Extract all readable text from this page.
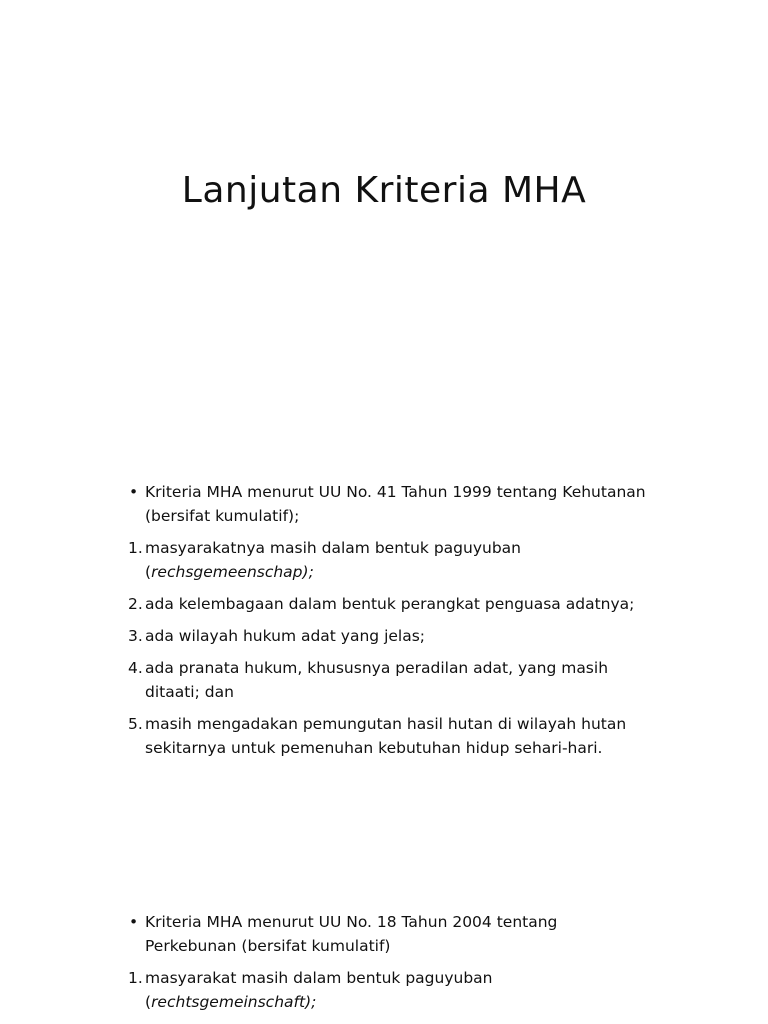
Lanjutan Kriteria MHA

• Kriteria MHA menurut UU No. 41 Tahun 1999 tentang Kehutanan (bersifat kumulatif);

1. masyarakatnya masih dalam bentuk paguyuban (rechsgemeenschap);

2. ada kelembagaan dalam bentuk perangkat penguasa adatnya;

3. ada wilayah hukum adat yang jelas;

4. ada pranata hukum, khususnya peradilan adat, yang masih ditaati; dan

5. masih mengadakan pemungutan hasil hutan di wilayah hutan sekitarnya untuk pemenuhan kebutuhan hidup sehari-hari.

• Kriteria MHA menurut UU No. 18 Tahun 2004 tentang Perkebunan (bersifat kumulatif)

1. masyarakat masih dalam bentuk paguyuban (rechtsgemeinschaft);
